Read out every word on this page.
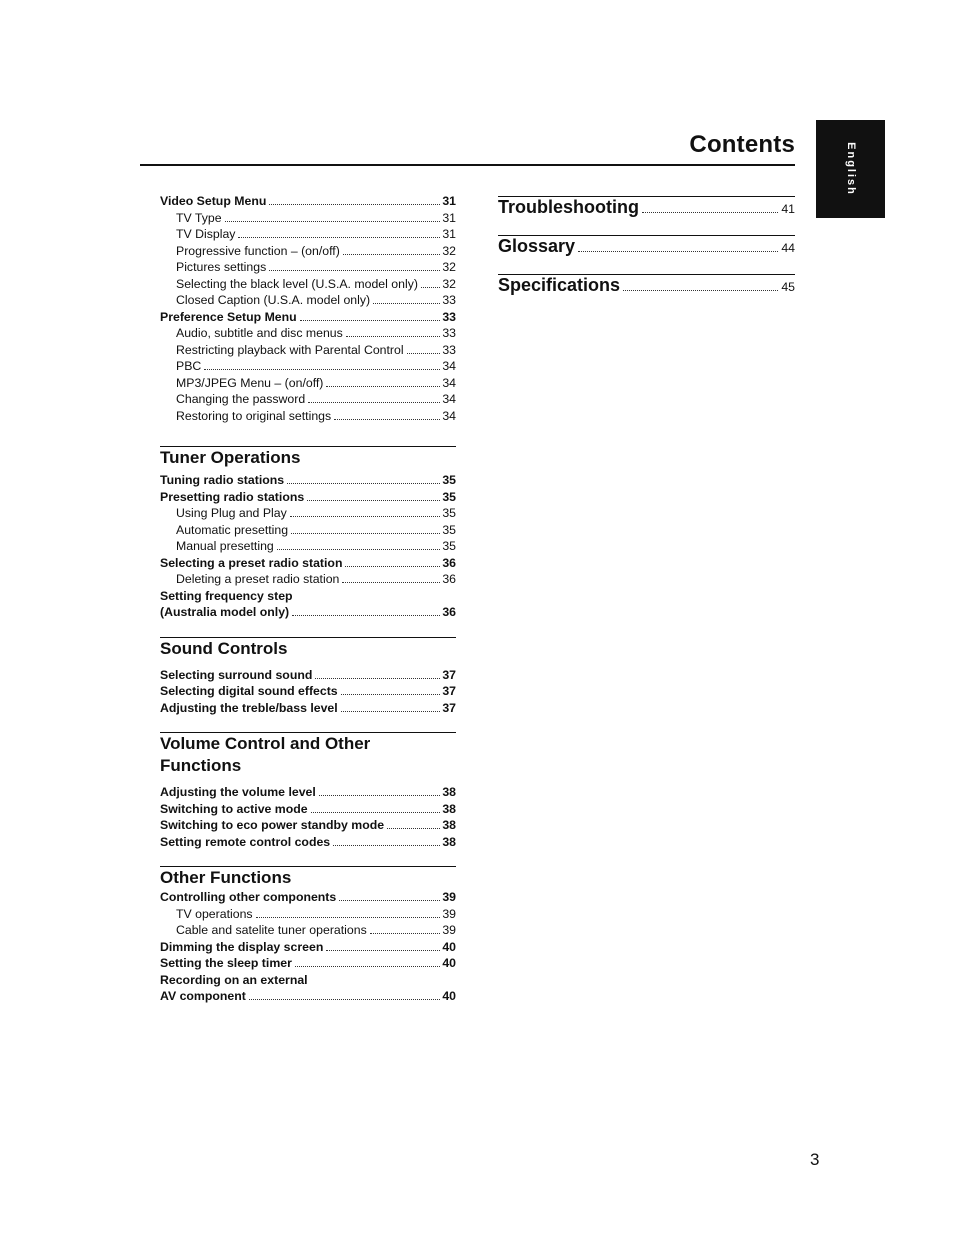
Contents	English
Video Setup Menu	31
TV Type	31
TV Display	31
Progressive function – (on/off)	32
Pictures settings	32
Selecting the black level (U.S.A. model only) 32
Closed Caption (U.S.A. model only)	33
Preference Setup Menu	33
Audio, subtitle and disc menus	33
Restricting playback with Parental Control	33
PBC	34
MP3/JPEG Menu – (on/off)	34
Changing the password	34
Restoring to original settings	34
Tuner Operations
Tuning radio stations	35
Presetting radio stations	35
Using Plug and Play	35
Automatic presetting	35
Manual presetting	35
Selecting a preset radio station	36
Deleting a preset radio station	36
Setting frequency step
(Australia model only)	36
Sound Controls
Selecting surround sound	37
Selecting digital sound effects	37
Adjusting the treble/bass level	37
Volume Control and Other
Functions
Adjusting the volume level	38
Switching to active mode	38
Switching to eco power standby mode	38
Setting remote control codes	38
Other Functions
Controlling other components	39
TV operations	39
Cable and satelite tuner operations	39
Dimming the display screen	40
Setting the sleep timer	40
Recording on an external
AV component	40
Troubleshooting	41
Glossary	44
Specifications	45
3
